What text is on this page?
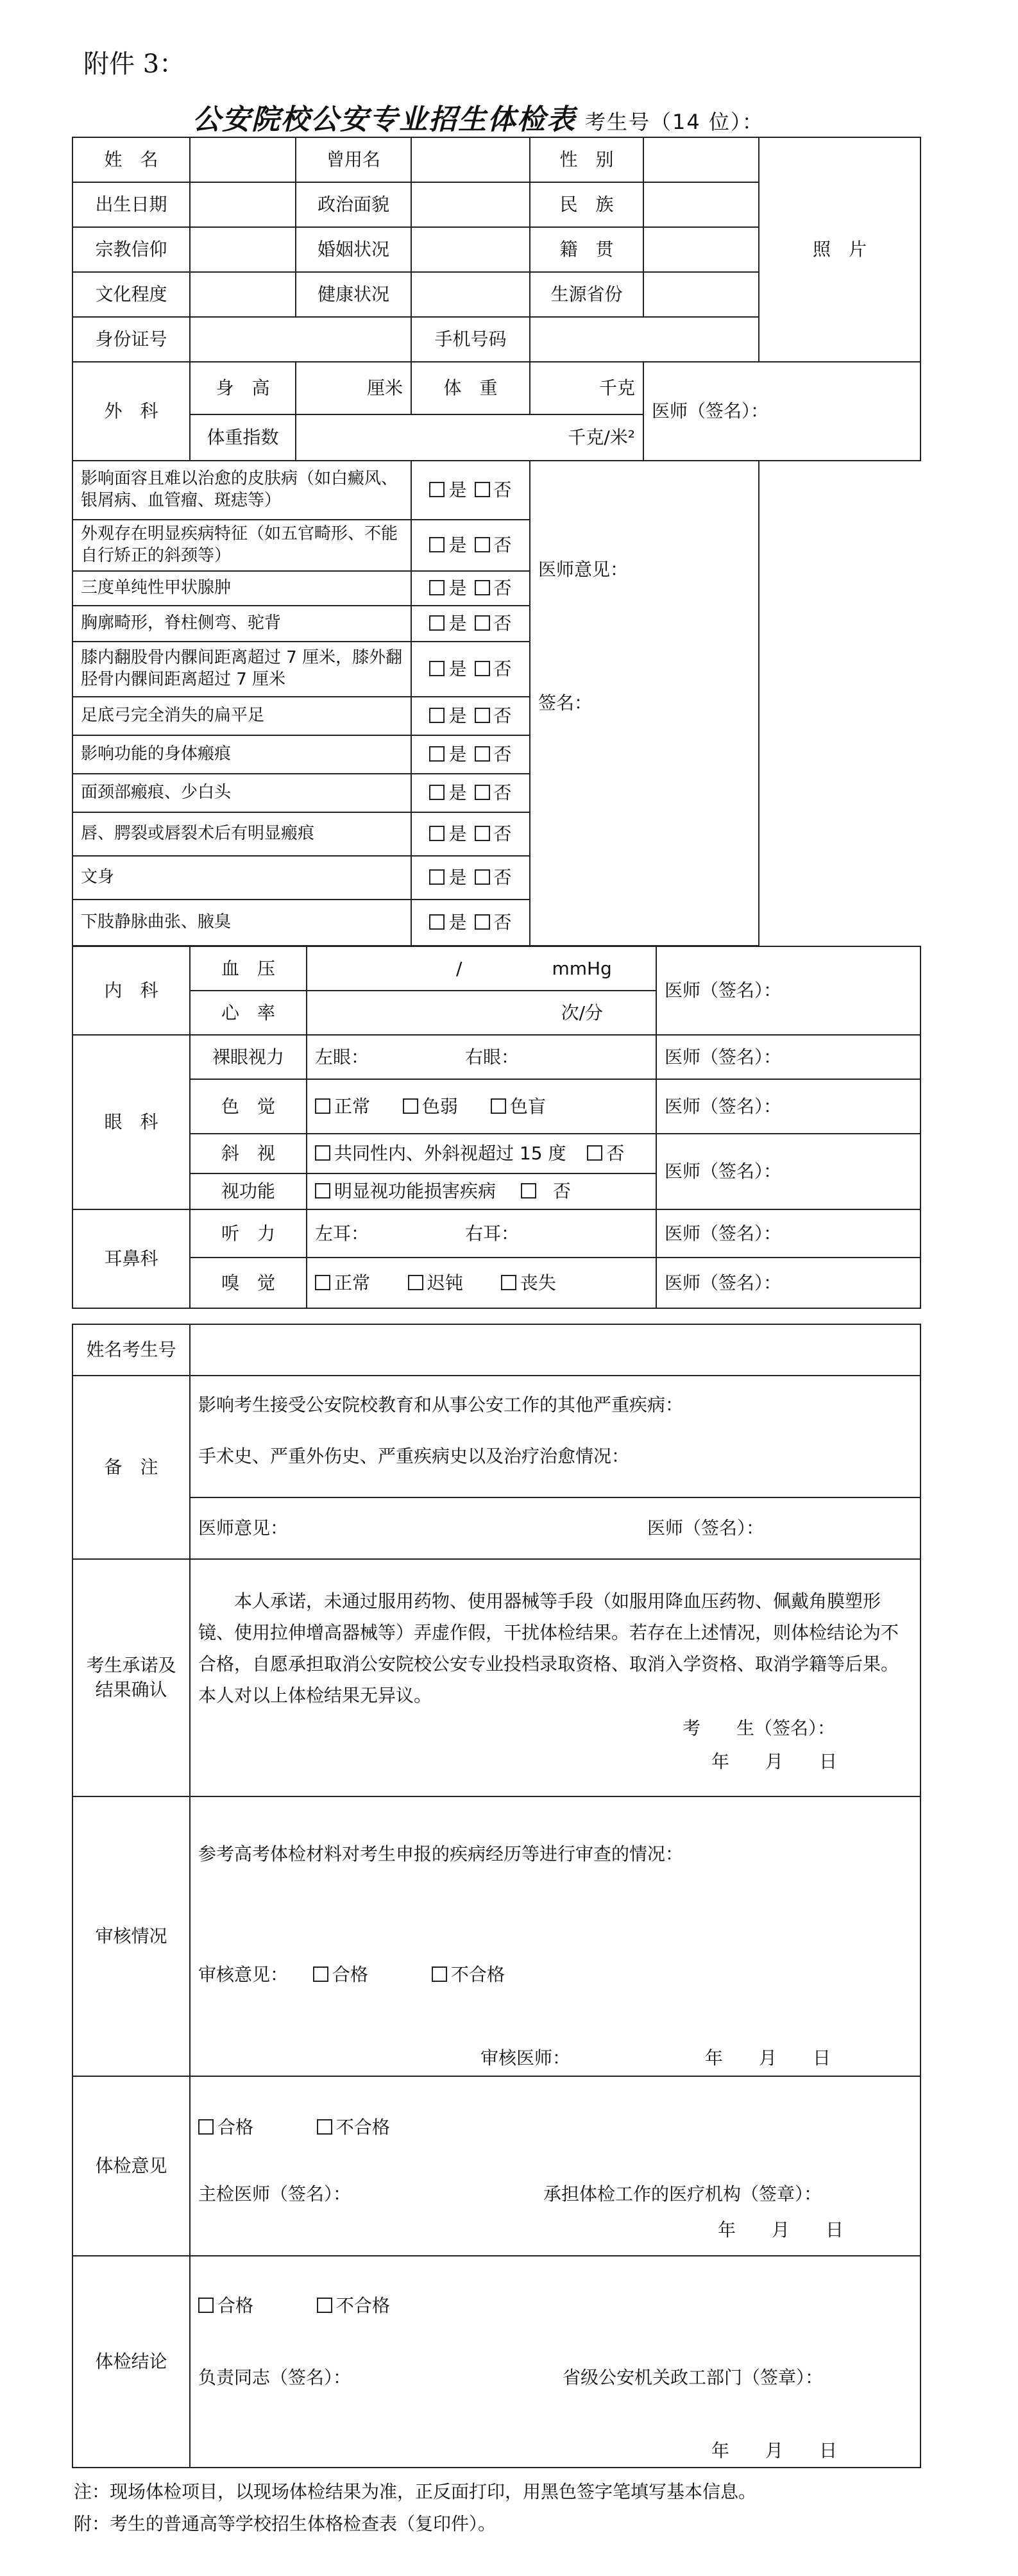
附件 3：
公安院校公安专业招生体检表 考生号（14 位）：
姓　名		曾用名		性　别		照　片
出生日期		政治面貌		民　族		
宗教信仰		婚姻状况		籍　贯		
文化程度		健康状况		生源省份		
身份证号			手机号码			
外　科	身　高	厘米	体　重	千克	医师（签名）：	
	体重指数	千克/米²				
影响面容且难以治愈的皮肤病（如白癜风、银屑病、血管瘤、斑痣等）			是 否	医师意见：
签名：		

外观存在明显疾病特征（如五官畸形、不能自行矫正的斜颈等）			是 否			
三度单纯性甲状腺肿			是 否			
胸廓畸形，脊柱侧弯、驼背			是 否			
膝内翻股骨内髁间距离超过 7 厘米，膝外翻胫骨内髁间距离超过 7 厘米			是 否			
足底弓完全消失的扁平足			是 否			
影响功能的身体瘢痕			是 否			
面颈部瘢痕、少白头			是 否			
唇、腭裂或唇裂术后有明显瘢痕			是 否			
文身			是 否			
下肢静脉曲张、腋臭			是 否			
内　科	血　压	/ mmHg	医师（签名）：
	心　率	次/分	
眼　科	裸眼视力	左眼： 右眼：	医师（签名）：
	色　觉	正常 色弱 色盲	医师（签名）：
	斜　视	共同性内、外斜视超过 15 度 否	医师（签名）：
	视功能	明显视功能损害疾病 否	
耳鼻科	听　力	左耳： 右耳：	医师（签名）：
	嗅　觉	正常 迟钝 丧失	医师（签名）：
姓名考生号	
备　注	影响考生接受公安院校教育和从事公安工作的其他严重疾病：
手术史、严重外伤史、严重疾病史以及治疗治愈情况：

	医师意见： 医师（签名）：
考生承诺及结果确认	本人承诺，未通过服用药物、使用器械等手段（如服用降血压药物、佩戴角膜塑形镜、使用拉伸增高器械等）弄虚作假，干扰体检结果。若存在上述情况，则体检结论为不合格，自愿承担取消公安院校公安专业投档录取资格、取消入学资格、取消学籍等后果。本人对以上体检结果无异议。
考　　生（签名）：
年　　月　　日

审核情况	参考高考体检材料对考生申报的疾病经历等进行审查的情况：
审核意见： 合格 不合格
审核医师： 年　　月　　日

体检意见	合格 不合格
主检医师（签名）： 承担体检工作的医疗机构（签章）：
年　　月　　日

体检结论	合格 不合格
负责同志（签名）： 省级公安机关政工部门（签章）：
年　　月　　日
注：现场体检项目，以现场体检结果为准，正反面打印，用黑色签字笔填写基本信息。
附：考生的普通高等学校招生体格检查表（复印件）。
